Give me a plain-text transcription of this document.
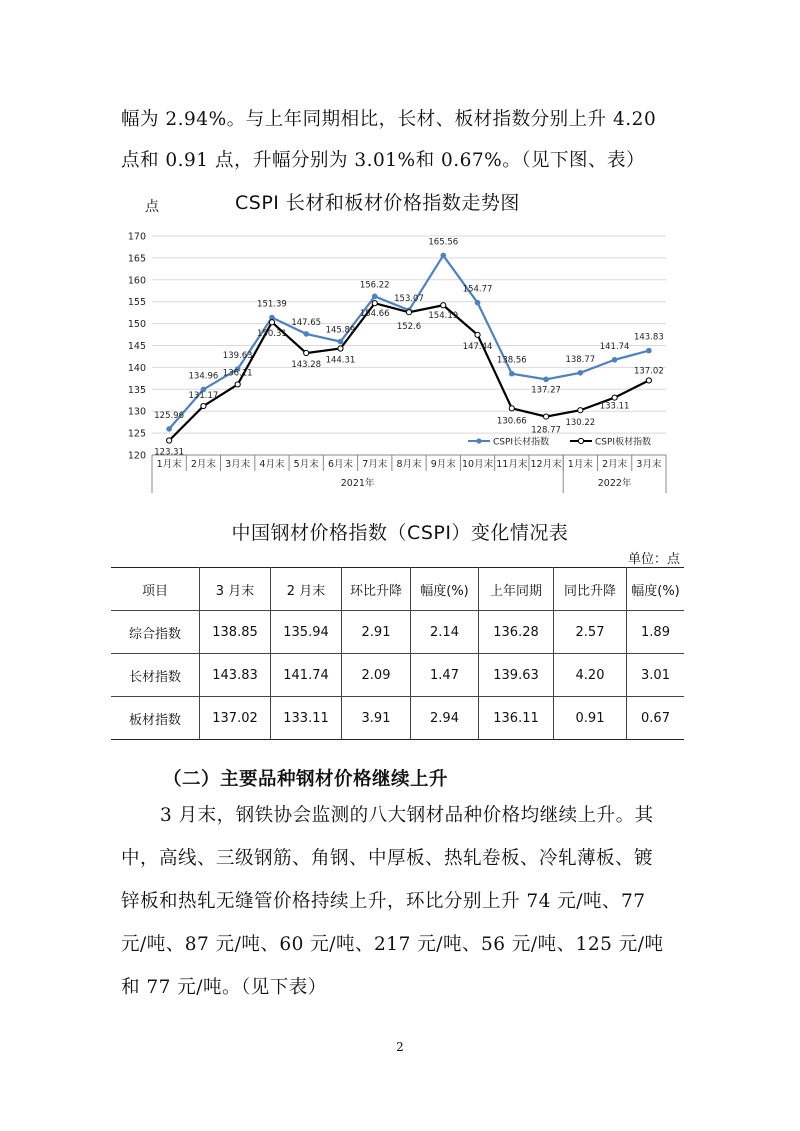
幅为 2.94%。与上年同期相比，长材、板材指数分别上升 4.20
点和 0.91 点，升幅分别为 3.01%和 0.67%。（见下图、表）
点	CSPI 长材和板材价格指数走势图
120
125
130
135
140
145
150
155
160
165
170
1月末 2月末 3月末 4月末 5月末 6月末 7月末 8月末 9月末 10月末 11月末 12月末 1月末 2月末 3月末
2021年	2022年
125.96
134.96
139.63
151.39
147.65
145.89
156.22
153.07
165.56
154.77
138.56
137.27
138.77
141.74
143.83
123.31
131.17
136.11
150.31
143.28 144.31
154.66
152.6
154.19
147.44
130.66
128.77
130.22
133.11
137.02
CSPI长材指数	CSPI板材指数
中国钢材价格指数（CSPI）变化情况表
单位：点
项目	3 月末	2 月末	环比升降	幅度(%)	上年同期	同比升降	幅度(%)
综合指数	138.85	135.94	2.91	2.14	136.28	2.57	1.89
长材指数	143.83	141.74	2.09	1.47	139.63	4.20	3.01
板材指数	137.02	133.11	3.91	2.94	136.11	0.91	0.67
（二）主要品种钢材价格继续上升
3 月末，钢铁协会监测的八大钢材品种价格均继续上升。其
中，高线、三级钢筋、角钢、中厚板、热轧卷板、冷轧薄板、镀
锌板和热轧无缝管价格持续上升，环比分别上升 74 元/吨、77
元/吨、87 元/吨、60 元/吨、217 元/吨、56 元/吨、125 元/吨
和 77 元/吨。（见下表）
2
